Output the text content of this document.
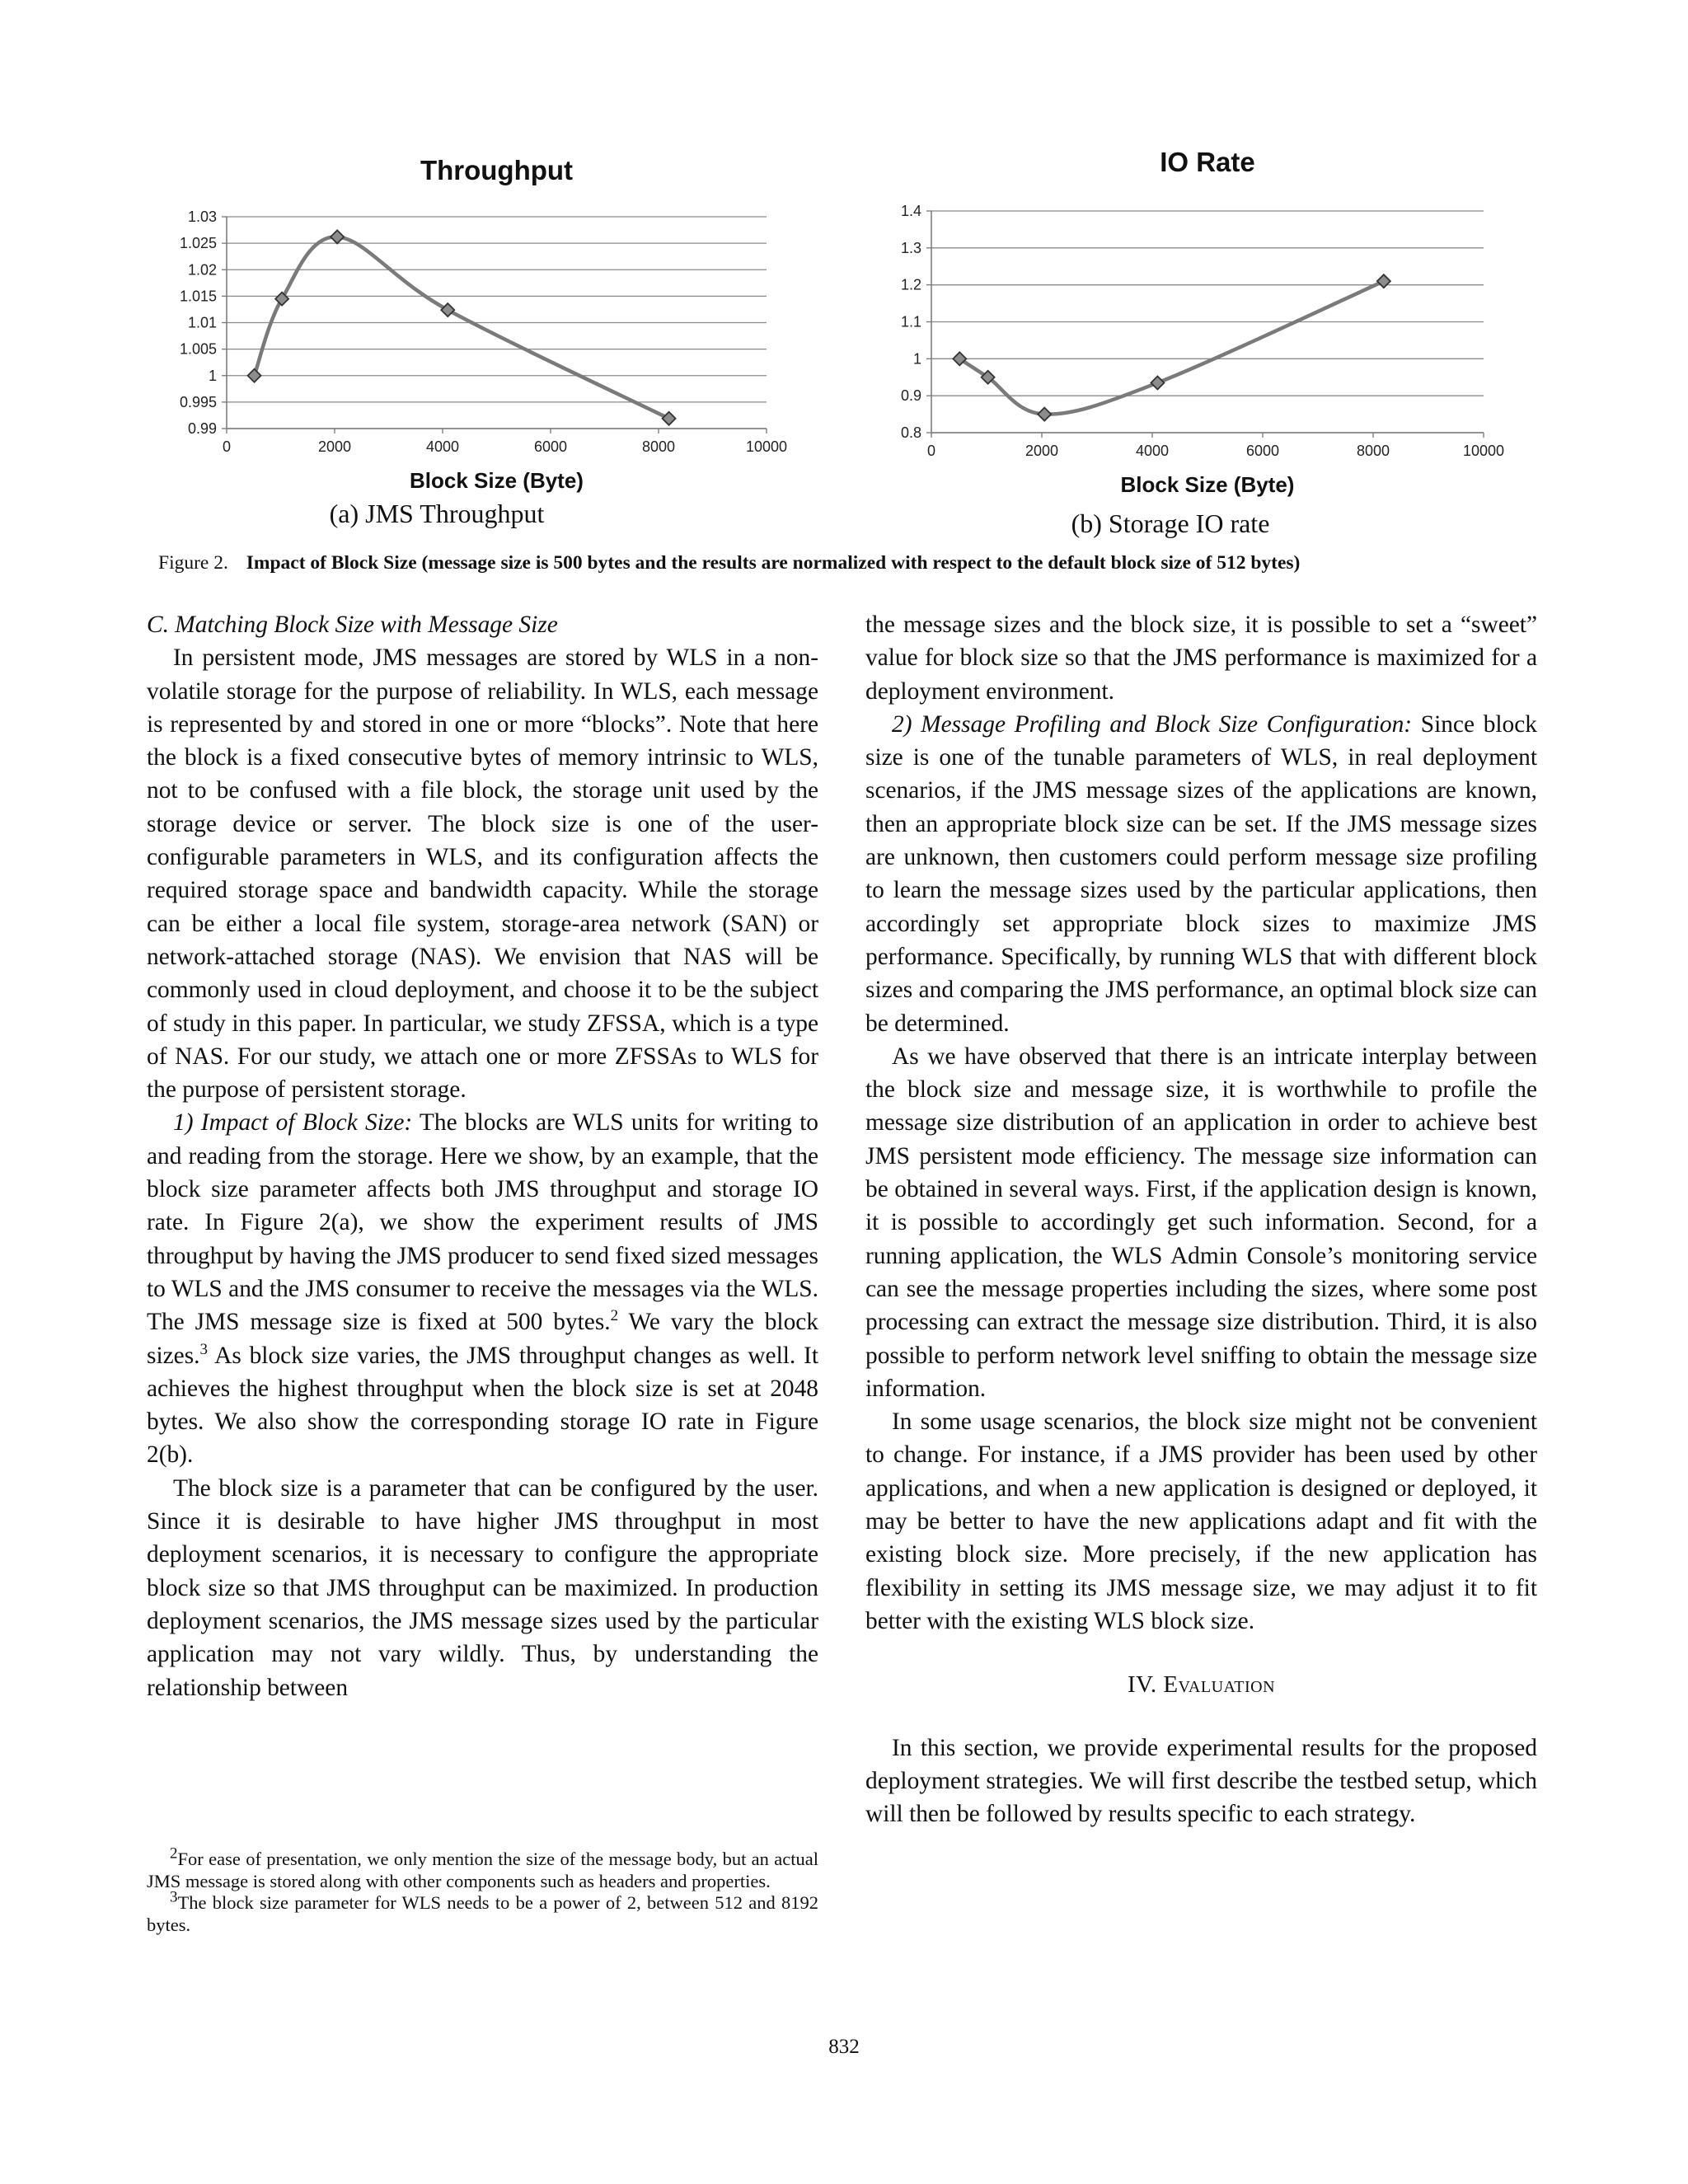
Throughput
0.99
0.995
1
1.005
1.01
1.015
1.02
1.025
1.03
0	2000	4000	6000	8000	10000
Block Size (Byte)
(a) JMS Throughput
IO Rate
0.8
0.9
1
1.1
1.2
1.3
1.4
0	2000	4000	6000	8000	10000
Block Size (Byte)
(b) Storage IO rate
Figure 2. Impact of Block Size (message size is 500 bytes and the results are normalized with respect to the default block size of 512 bytes)
C. Matching Block Size with Message Size

In persistent mode, JMS messages are stored by WLS in a non-volatile storage for the purpose of reliability. In WLS, each message is represented by and stored in one or more “blocks”. Note that here the block is a fixed consecutive bytes of memory intrinsic to WLS, not to be confused with a file block, the storage unit used by the storage device or server. The block size is one of the user-configurable parameters in WLS, and its configuration affects the required storage space and bandwidth capacity. While the storage can be either a local file system, storage-area network (SAN) or network-attached storage (NAS). We envision that NAS will be commonly used in cloud deployment, and choose it to be the subject of study in this paper. In particular, we study ZFSSA, which is a type of NAS. For our study, we attach one or more ZFSSAs to WLS for the purpose of persistent storage.

1) Impact of Block Size: The blocks are WLS units for writing to and reading from the storage. Here we show, by an example, that the block size parameter affects both JMS throughput and storage IO rate. In Figure 2(a), we show the experiment results of JMS throughput by having the JMS producer to send fixed sized messages to WLS and the JMS consumer to receive the messages via the WLS. The JMS message size is fixed at 500 bytes.$^2$ We vary the block sizes.$^3$ As block size varies, the JMS throughput changes as well. It achieves the highest throughput when the block size is set at 2048 bytes. We also show the corresponding storage IO rate in Figure 2(b).

The block size is a parameter that can be configured by the user. Since it is desirable to have higher JMS throughput in most deployment scenarios, it is necessary to configure the appropriate block size so that JMS throughput can be maximized. In production deployment scenarios, the JMS message sizes used by the particular application may not vary wildly. Thus, by understanding the relationship between

$^2$For ease of presentation, we only mention the size of the message body, but an actual JMS message is stored along with other components such as headers and properties.

$^3$The block size parameter for WLS needs to be a power of 2, between 512 and 8192 bytes.

the message sizes and the block size, it is possible to set a “sweet” value for block size so that the JMS performance is maximized for a deployment environment.

2) Message Profiling and Block Size Configuration: Since block size is one of the tunable parameters of WLS, in real deployment scenarios, if the JMS message sizes of the applications are known, then an appropriate block size can be set. If the JMS message sizes are unknown, then customers could perform message size profiling to learn the message sizes used by the particular applications, then accordingly set appropriate block sizes to maximize JMS performance. Specifically, by running WLS that with different block sizes and comparing the JMS performance, an optimal block size can be determined.

As we have observed that there is an intricate interplay between the block size and message size, it is worthwhile to profile the message size distribution of an application in order to achieve best JMS persistent mode efficiency. The message size information can be obtained in several ways. First, if the application design is known, it is possible to accordingly get such information. Second, for a running application, the WLS Admin Console’s monitoring service can see the message properties including the sizes, where some post processing can extract the message size distribution. Third, it is also possible to perform network level sniffing to obtain the message size information.

In some usage scenarios, the block size might not be convenient to change. For instance, if a JMS provider has been used by other applications, and when a new application is designed or deployed, it may be better to have the new applications adapt and fit with the existing block size. More precisely, if the new application has flexibility in setting its JMS message size, we may adjust it to fit better with the existing WLS block size.

IV. Evaluation

In this section, we provide experimental results for the proposed deployment strategies. We will first describe the testbed setup, which will then be followed by results specific to each strategy.

832
